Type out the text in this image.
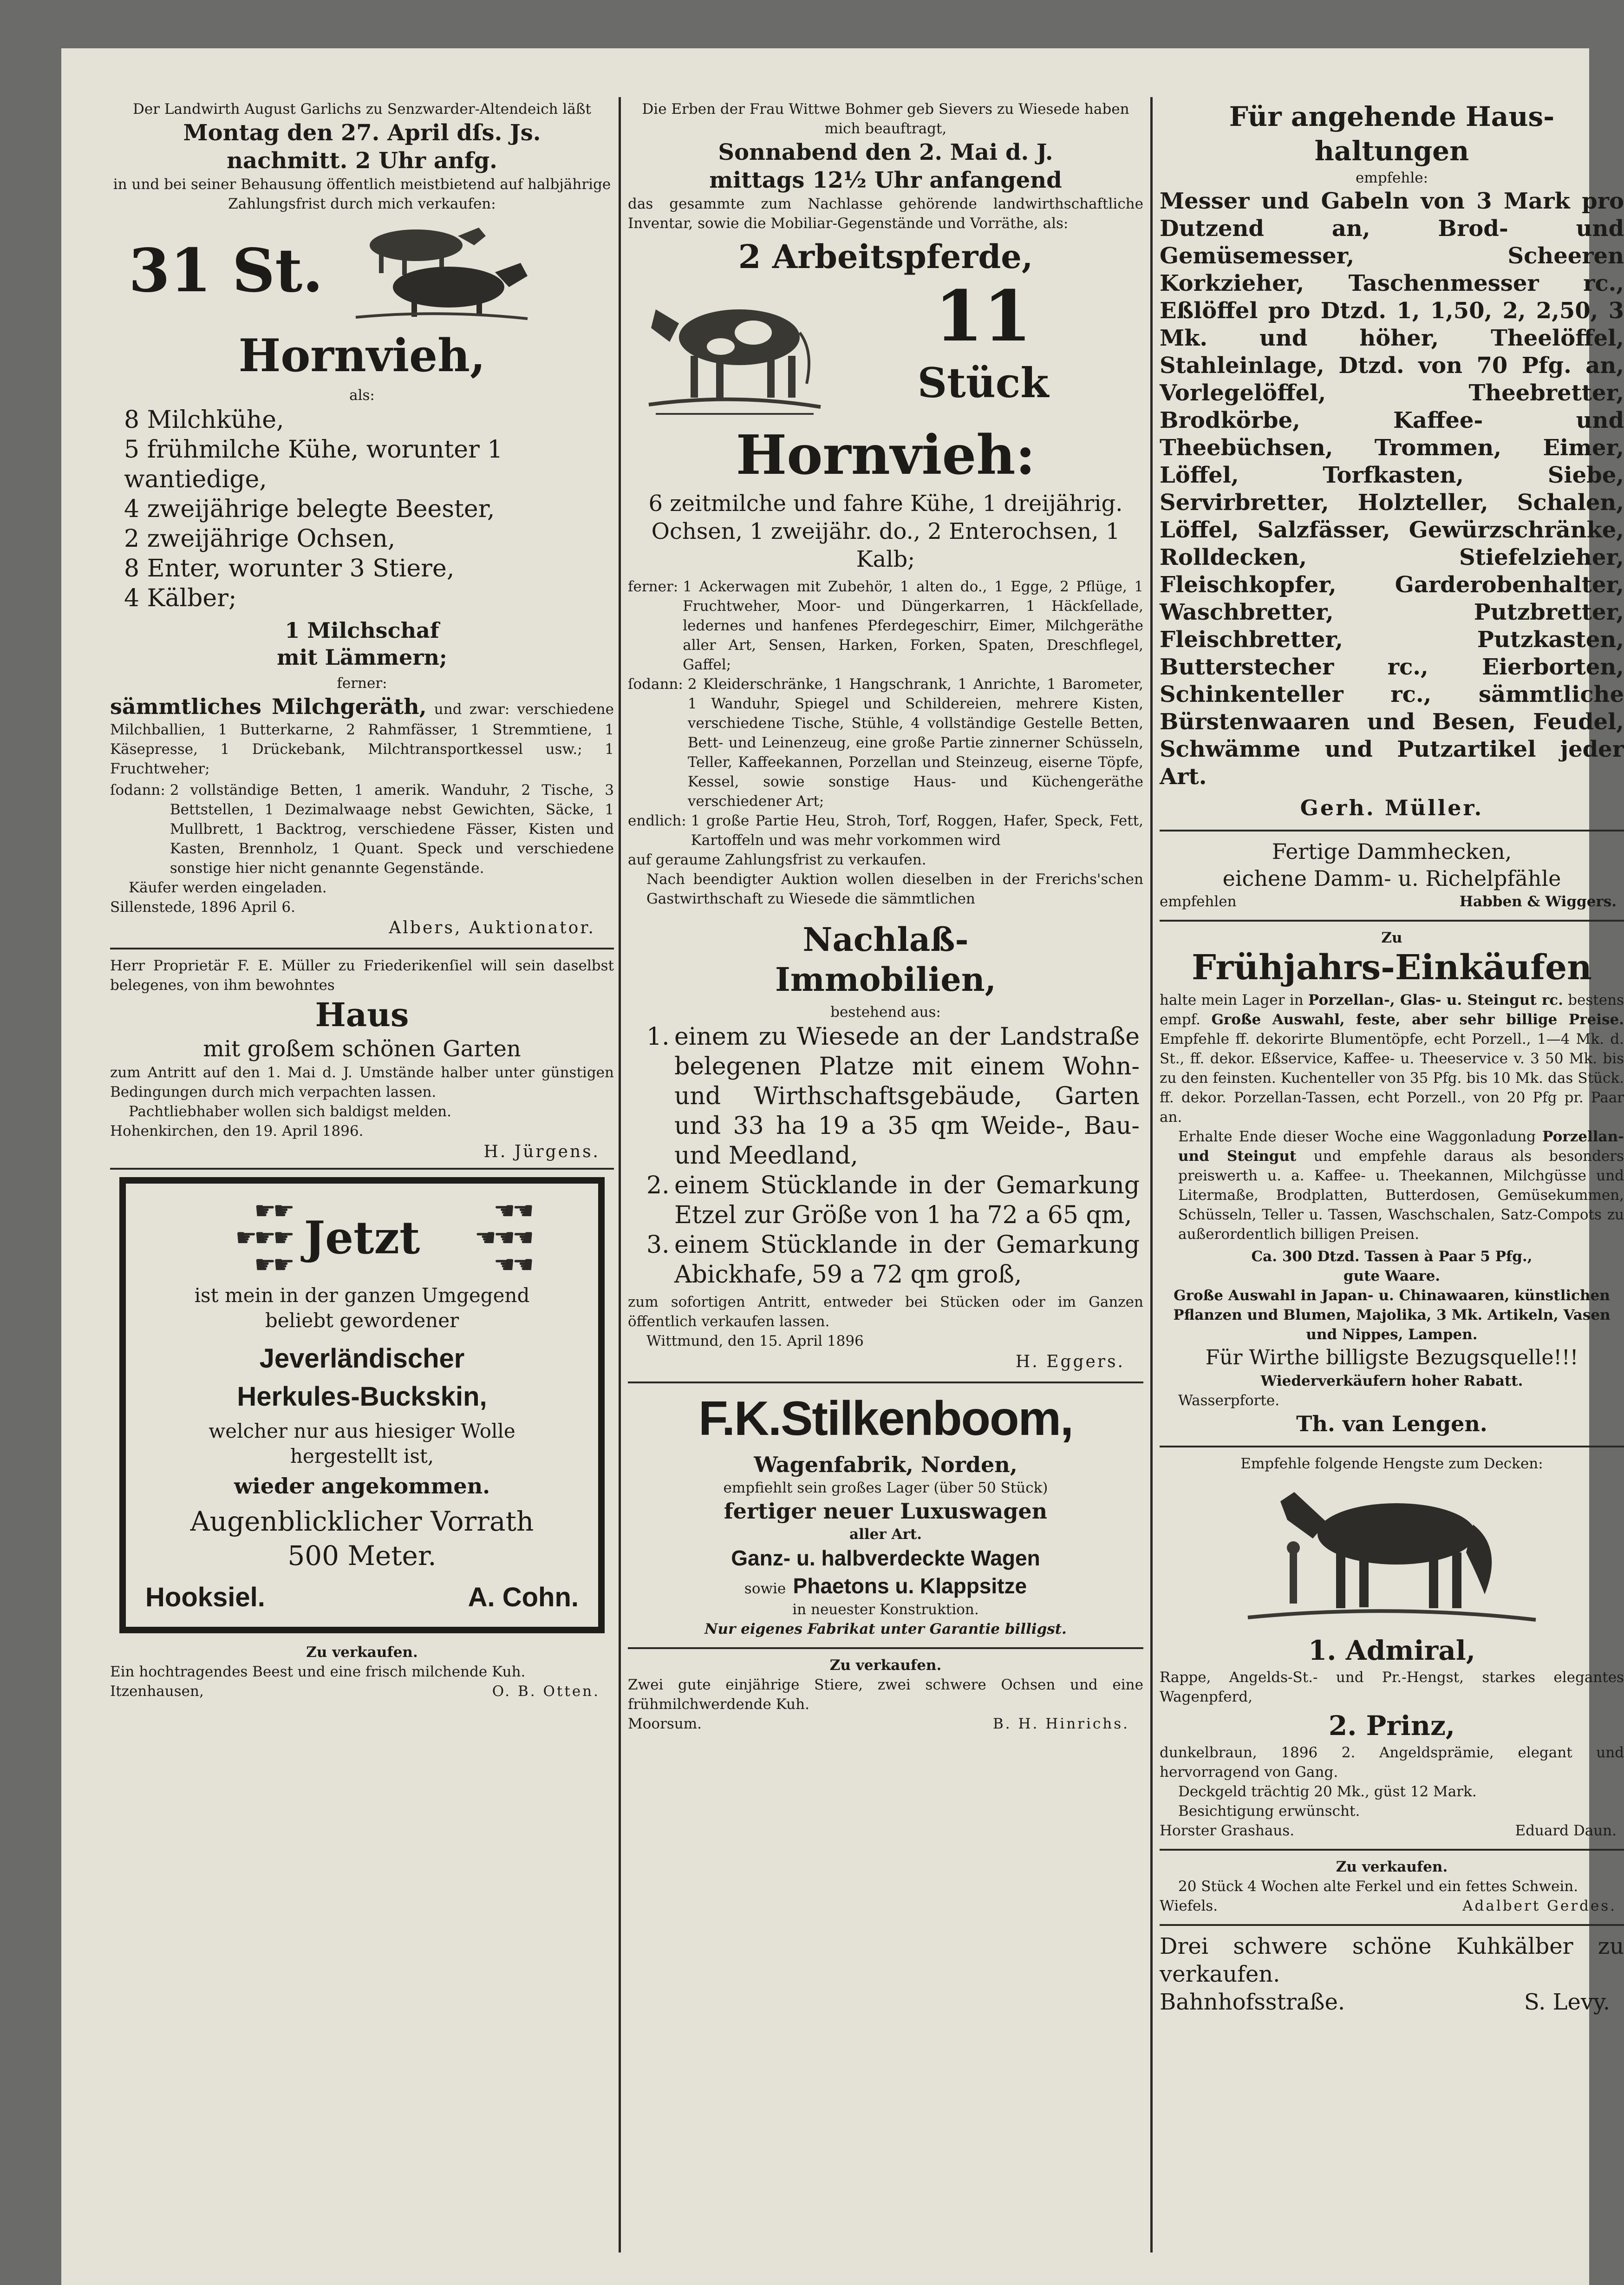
Der Landwirth August Garlichs zu Senzwarder-Altendeich läßt

Montag den 27. April dſs. Js.

nachmitt. 2 Uhr anfg.

in und bei seiner Behausung öffentlich meistbietend auf halbjährige Zahlungsfrist durch mich verkaufen:

31 St.

Hornvieh,

als:

8 Milchkühe,

5 frühmilche Kühe, worunter 1 wantiedige,

4 zweijährige belegte Beester,

2 zweijährige Ochsen,

8 Enter, worunter 3 Stiere,

4 Kälber;

1 Milchschaf

mit Lämmern;

ferner:

sämmtliches Milchgeräth, und zwar: verschiedene Milchballien, 1 Butterkarne, 2 Rahmfässer, 1 Stremmtiene, 1 Käsepresse, 1 Drückebank, Milchtransportkessel usw.; 1 Fruchtweher;

ſodann: 2 vollständige Betten, 1 amerik. Wanduhr, 2 Tische, 3 Bettstellen, 1 Dezimalwaage nebst Gewichten, Säcke, 1 Mullbrett, 1 Backtrog, verschiedene Fässer, Kisten und Kasten, Brennholz, 1 Quant. Speck und verschiedene sonstige hier nicht genannte Gegenstände.

Käufer werden eingeladen.

Sillenstede, 1896 April 6.

Albers, Auktionator.

Herr Proprietär F. E. Müller zu Friederikenſiel will sein daselbst belegenes, von ihm bewohntes

Haus

mit großem schönen Garten

zum Antritt auf den 1. Mai d. J. Umstände halber unter günstigen Bedingungen durch mich verpachten lassen.

Pachtliebhaber wollen sich baldigst melden.

Hohenkirchen, den 19. April 1896.

H. Jürgens.

☛☛
☛☛☛
☛☛
Jetzt
☛☛
☛☛☛
☛☛

ist mein in der ganzen Umgegend

beliebt gewordener

Jeverländischer

Herkules-Buckskin,

welcher nur aus hiesiger Wolle

hergestellt ist,

wieder angekommen.

Augenblicklicher Vorrath

500 Meter.

Hooksiel.	A. Cohn.

Zu verkaufen.

Ein hochtragendes Beest und eine frisch milchende Kuh.

Itzenhausen,	O. B. Otten.

Die Erben der Frau Wittwe Bohmer geb Sievers zu Wiesede haben mich beauftragt,

Sonnabend den 2. Mai d. J.

mittags 12½ Uhr anfangend

das gesammte zum Nachlasse gehörende landwirthschaftliche Inventar, sowie die Mobiliar-Gegenstände und Vorräthe, als:

2 Arbeitspferde,

11

Stück

Hornvieh:

6 zeitmilche und fahre Kühe, 1 dreijährig. Ochsen, 1 zweijähr. do., 2 Enterochsen, 1 Kalb;

ferner: 1 Ackerwagen mit Zubehör, 1 alten do., 1 Egge, 2 Pflüge, 1 Fruchtweher, Moor- und Düngerkarren, 1 Häckſellade, ledernes und hanfenes Pferdegeschirr, Eimer, Milchgeräthe aller Art, Sensen, Harken, Forken, Spaten, Dreschflegel, Gaffel;
ſodann: 2 Kleiderschränke, 1 Hangschrank, 1 Anrichte, 1 Barometer, 1 Wanduhr, Spiegel und Schildereien, mehrere Kisten, verschiedene Tische, Stühle, 4 vollständige Gestelle Betten, Bett- und Leinenzeug, eine große Partie zinnerner Schüsseln, Teller, Kaffeekannen, Porzellan und Steinzeug, eiserne Töpfe, Kessel, sowie sonstige Haus- und Küchengeräthe verschiedener Art;
endlich: 1 große Partie Heu, Stroh, Torf, Roggen, Hafer, Speck, Fett, Kartoffeln und was mehr vorkommen wird

auf geraume Zahlungsfrist zu verkaufen.

Nach beendigter Auktion wollen dieselben in der Frerichs'schen Gastwirthschaft zu Wiesede die sämmtlichen

Nachlaß-

Immobilien,

bestehend aus:

1. einem zu Wiesede an der Landstraße belegenen Platze mit einem Wohn- und Wirthschaftsgebäude, Garten und 33 ha 19 a 35 qm Weide-, Bau- und Meedland,
2. einem Stücklande in der Gemarkung Etzel zur Größe von 1 ha 72 a 65 qm,
3. einem Stücklande in der Gemarkung Abickhafe, 59 a 72 qm groß,

zum sofortigen Antritt, entweder bei Stücken oder im Ganzen öffentlich verkaufen lassen.

Wittmund, den 15. April 1896

H. Eggers.

F.K.Stilkenboom,

Wagenfabrik, Norden,

empfiehlt sein großes Lager (über 50 Stück)

fertiger neuer Luxuswagen

aller Art.

Ganz- u. halbverdeckte Wagen

sowie Phaetons u. Klappsitze

in neuester Konstruktion.

Nur eigenes Fabrikat unter Garantie billigst.

Zu verkaufen.

Zwei gute einjährige Stiere, zwei schwere Ochsen und eine frühmilchwerdende Kuh.

Moorsum.	B. H. Hinrichs.

Für angehende Haus-

haltungen

empfehle:

Messer und Gabeln von 3 Mark pro Dutzend an, Brod- und Gemüsemesser, Scheeren Korkzieher, Taschenmesser rc., Eßlöffel pro Dtzd. 1, 1,50, 2, 2,50, 3 Mk. und höher, Theelöffel, Stahleinlage, Dtzd. von 70 Pfg. an, Vorlegelöffel, Theebretter, Brodkörbe, Kaffee- und Theebüchsen, Trommen, Eimer, Löffel, Torfkasten, Siebe, Servirbretter, Holzteller, Schalen, Löffel, Salzfässer, Gewürzschränke, Rolldecken, Stiefelzieher, Fleischkopfer, Garderobenhalter, Waschbretter, Putzbretter, Fleischbretter, Putzkasten, Butterstecher rc., Eierborten, Schinkenteller rc., sämmtliche Bürstenwaaren und Besen, Feudel, Schwämme und Putzartikel jeder Art.

Gerh. Müller.

Fertige Dammhecken,

eichene Damm- u. Richelpfähle

empfehlen	Habben & Wiggers.

Zu

Frühjahrs-Einkäufen

halte mein Lager in Porzellan-, Glas- u. Steingut rc. bestens empf. Große Auswahl, feste, aber sehr billige Preise. Empfehle ff. dekorirte Blumentöpfe, echt Porzell., 1—4 Mk. d. St., ff. dekor. Eßservice, Kaffee- u. Theeservice v. 3 50 Mk. bis zu den feinsten. Kuchenteller von 35 Pfg. bis 10 Mk. das Stück. ff. dekor. Porzellan-Tassen, echt Porzell., von 20 Pfg pr. Paar an.

Erhalte Ende dieser Woche eine Waggonladung Porzellan- und Steingut und empfehle daraus als besonders preiswerth u. a. Kaffee- u. Theekannen, Milchgüsse und Litermaße, Brodplatten, Butterdosen, Gemüsekummen, Schüsseln, Teller u. Tassen, Waschschalen, Satz-Compots zu außerordentlich billigen Preisen.

Ca. 300 Dtzd. Tassen à Paar 5 Pfg.,

gute Waare.

Große Auswahl in Japan- u. Chinawaaren, künstlichen Pflanzen und Blumen, Majolika, 3 Mk. Artikeln, Vasen und Nippes, Lampen.

Für Wirthe billigste Bezugsquelle!!!

Wiederverkäufern hoher Rabatt.

Wasserpforte.

Th. van Lengen.

Empfehle folgende Hengste zum Decken:

1. Admiral,

Rappe, Angelds-St.- und Pr.-Hengst, starkes elegantes Wagenpferd,

2. Prinz,

dunkelbraun, 1896 2. Angeldsprämie, elegant und hervorragend von Gang.

Deckgeld trächtig 20 Mk., güst 12 Mark.

Besichtigung erwünscht.

Horster Grashaus.	Eduard Daun.

Zu verkaufen.

20 Stück 4 Wochen alte Ferkel und ein fettes Schwein.

Wiefels.	Adalbert Gerdes.

Drei schwere schöne Kuhkälber zu verkaufen.

Bahnhofsstraße.	S. Levy.
